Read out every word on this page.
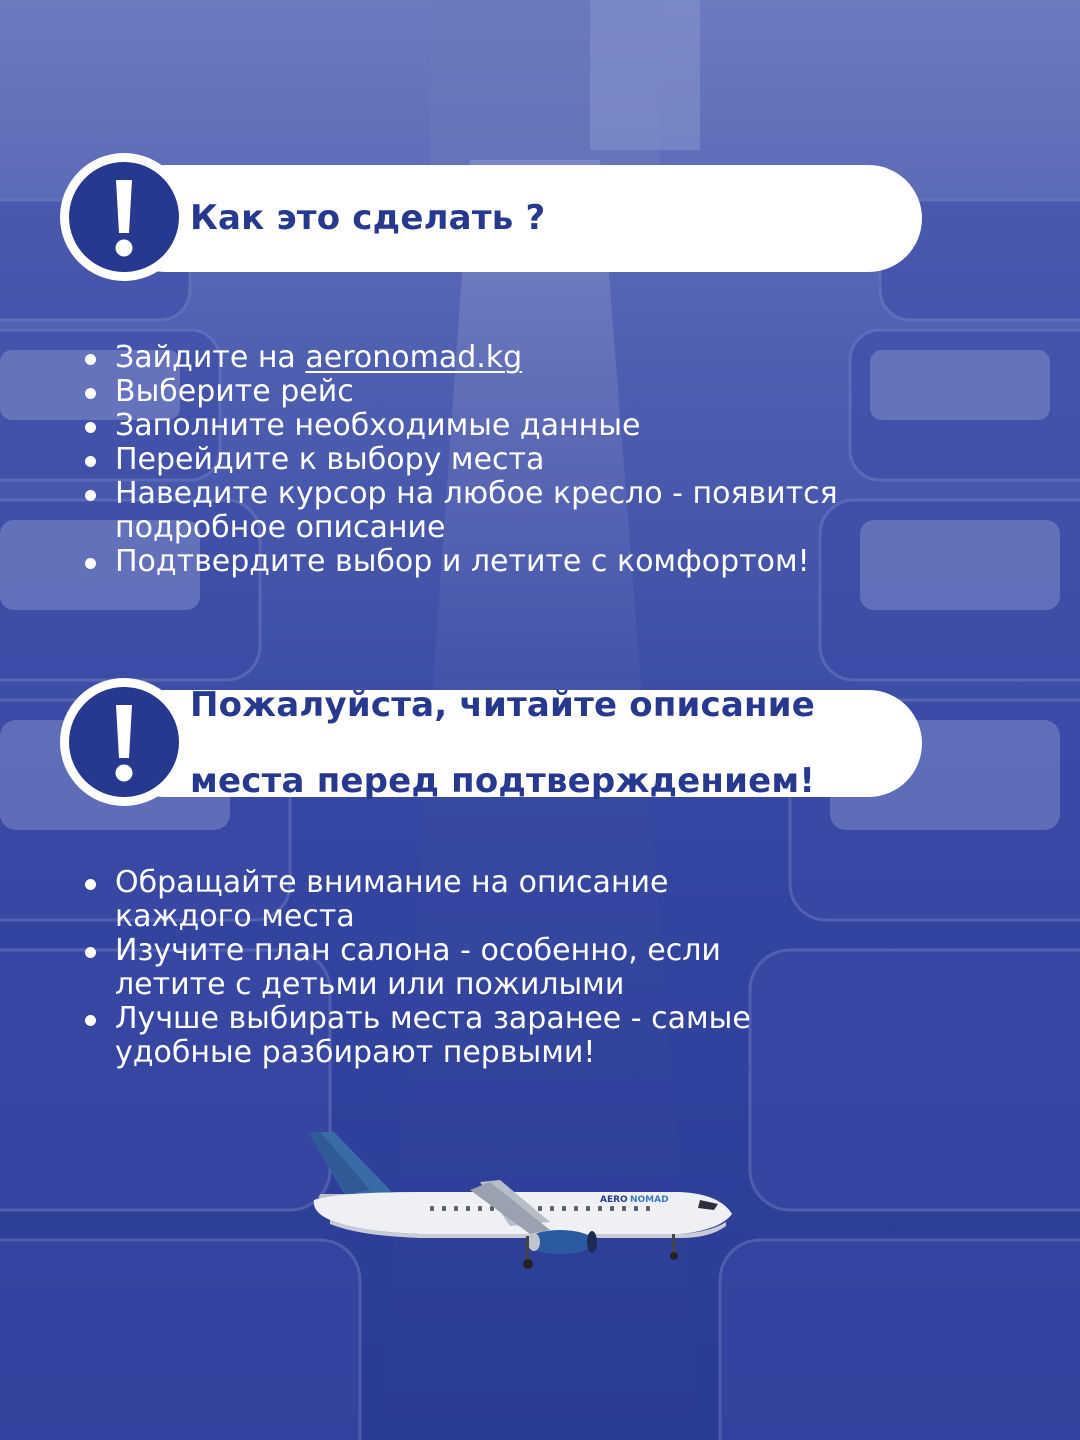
Как это сделать ?
Зайдите на aeronomad.kg
Выберите рейс
Заполните необходимые данные
Перейдите к выбору места
Наведите курсор на любое кресло - появится
подробное описание
Подтвердите выбор и летите с комфортом!
Пожалуйста, читайте описание

места перед подтверждением!
Обращайте внимание на описание
каждого места
Изучите план салона - особенно, если
летите с детьми или пожилыми
Лучше выбирать места заранее - самые
удобные разбирают первыми!
AERO NOMAD
